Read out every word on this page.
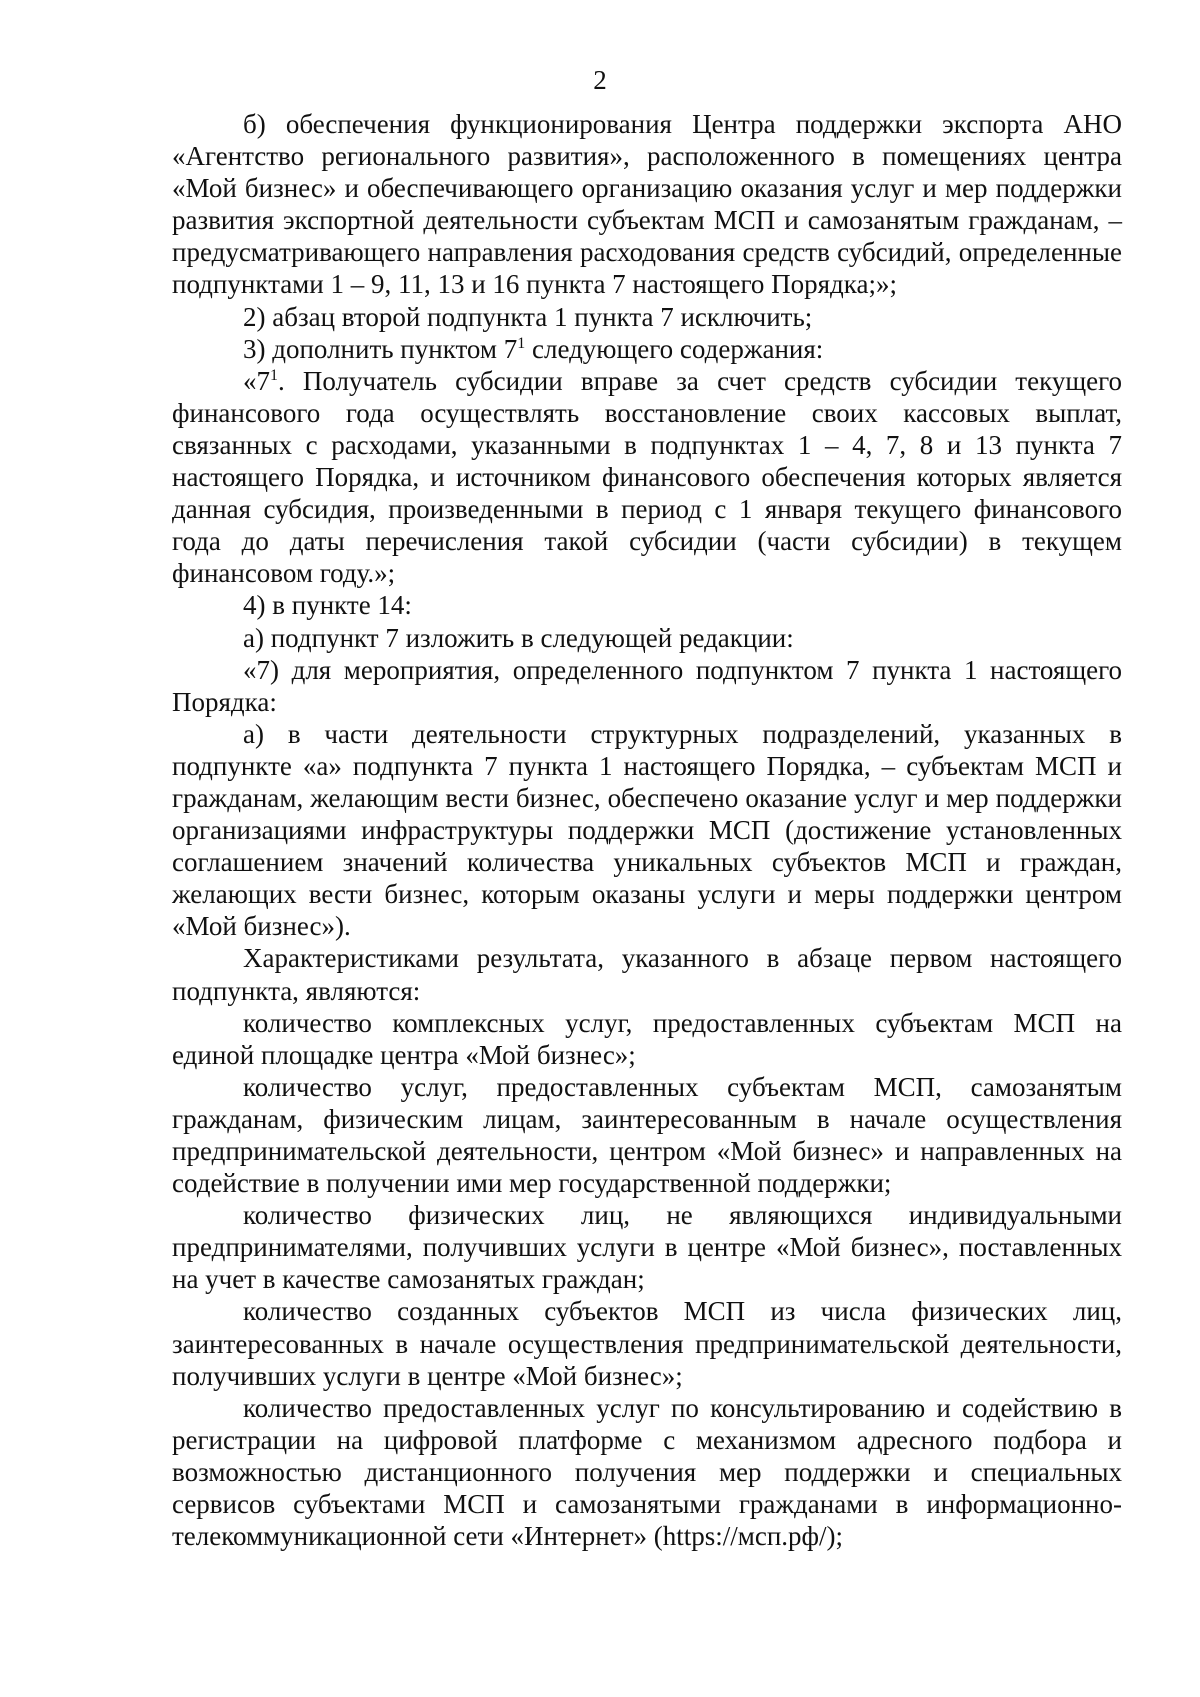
2

б) обеспечения функционирования Центра поддержки экспорта АНО «Агентство регионального развития», расположенного в помещениях центра «Мой бизнес» и обеспечивающего организацию оказания услуг и мер поддержки развития экспортной деятельности субъектам МСП и самозанятым гражданам, – предусматривающего направления расходования средств субсидий, определенные подпунктами 1 – 9, 11, 13 и 16 пункта 7 настоящего Порядка;»;

2) абзац второй подпункта 1 пункта 7 исключить;

3) дополнить пунктом $7^1$ следующего содержания:

«$7^1$. Получатель субсидии вправе за счет средств субсидии текущего финансового года осуществлять восстановление своих кассовых выплат, связанных с расходами, указанными в подпунктах 1 – 4, 7, 8 и 13 пункта 7 настоящего Порядка, и источником финансового обеспечения которых является данная субсидия, произведенными в период с 1 января текущего финансового года до даты перечисления такой субсидии (части субсидии) в текущем финансовом году.»;

4) в пункте 14:

а) подпункт 7 изложить в следующей редакции:

«7) для мероприятия, определенного подпунктом 7 пункта 1 настоящего Порядка:

а) в части деятельности структурных подразделений, указанных в подпункте «а» подпункта 7 пункта 1 настоящего Порядка, – субъектам МСП и гражданам, желающим вести бизнес, обеспечено оказание услуг и мер поддержки организациями инфраструктуры поддержки МСП (достижение установленных соглашением значений количества уникальных субъектов МСП и граждан, желающих вести бизнес, которым оказаны услуги и меры поддержки центром «Мой бизнес»).

Характеристиками результата, указанного в абзаце первом настоящего подпункта, являются:

количество комплексных услуг, предоставленных субъектам МСП на единой площадке центра «Мой бизнес»;

количество услуг, предоставленных субъектам МСП, самозанятым гражданам, физическим лицам, заинтересованным в начале осуществления предпринимательской деятельности, центром «Мой бизнес» и направленных на содействие в получении ими мер государственной поддержки;

количество физических лиц, не являющихся индивидуальными предпринимателями, получивших услуги в центре «Мой бизнес», поставленных на учет в качестве самозанятых граждан;

количество созданных субъектов МСП из числа физических лиц, заинтересованных в начале осуществления предпринимательской деятельности, получивших услуги в центре «Мой бизнес»;

количество предоставленных услуг по консультированию и содействию в регистрации на цифровой платформе с механизмом адресного подбора и возможностью дистанционного получения мер поддержки и специальных сервисов субъектами МСП и самозанятыми гражданами в информационно-телекоммуникационной сети «Интернет» (https://мсп.рф/);
